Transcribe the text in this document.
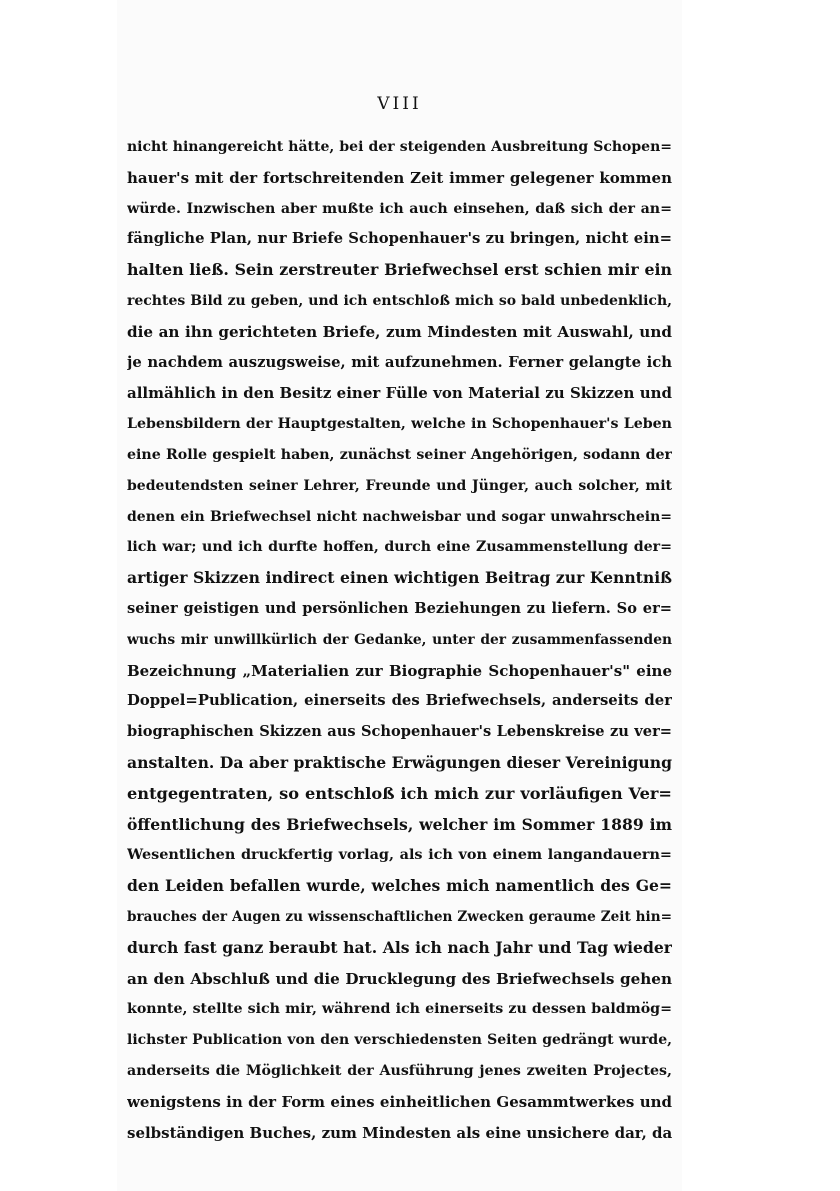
VIII
nicht hinangereicht hätte, bei der steigenden Ausbreitung Schopen=
hauer's mit der fortschreitenden Zeit immer gelegener kommen
würde. Inzwischen aber mußte ich auch einsehen, daß sich der an=
fängliche Plan, nur Briefe Schopenhauer's zu bringen, nicht ein=
halten ließ. Sein zerstreuter Briefwechsel erst schien mir ein
rechtes Bild zu geben, und ich entschloß mich so bald unbedenklich,
die an ihn gerichteten Briefe, zum Mindesten mit Auswahl, und
je nachdem auszugsweise, mit aufzunehmen. Ferner gelangte ich
allmählich in den Besitz einer Fülle von Material zu Skizzen und
Lebensbildern der Hauptgestalten, welche in Schopenhauer's Leben
eine Rolle gespielt haben, zunächst seiner Angehörigen, sodann der
bedeutendsten seiner Lehrer, Freunde und Jünger, auch solcher, mit
denen ein Briefwechsel nicht nachweisbar und sogar unwahrschein=
lich war; und ich durfte hoffen, durch eine Zusammenstellung der=
artiger Skizzen indirect einen wichtigen Beitrag zur Kenntniß
seiner geistigen und persönlichen Beziehungen zu liefern. So er=
wuchs mir unwillkürlich der Gedanke, unter der zusammenfassenden
Bezeichnung „Materialien zur Biographie Schopenhauer's" eine
Doppel=Publication, einerseits des Briefwechsels, anderseits der
biographischen Skizzen aus Schopenhauer's Lebenskreise zu ver=
anstalten. Da aber praktische Erwägungen dieser Vereinigung
entgegentraten, so entschloß ich mich zur vorläufigen Ver=
öffentlichung des Briefwechsels, welcher im Sommer 1889 im
Wesentlichen druckfertig vorlag, als ich von einem langandauern=
den Leiden befallen wurde, welches mich namentlich des Ge=
brauches der Augen zu wissenschaftlichen Zwecken geraume Zeit hin=
durch fast ganz beraubt hat. Als ich nach Jahr und Tag wieder
an den Abschluß und die Drucklegung des Briefwechsels gehen
konnte, stellte sich mir, während ich einerseits zu dessen baldmög=
lichster Publication von den verschiedensten Seiten gedrängt wurde,
anderseits die Möglichkeit der Ausführung jenes zweiten Projectes,
wenigstens in der Form eines einheitlichen Gesammtwerkes und
selbständigen Buches, zum Mindesten als eine unsichere dar, da
